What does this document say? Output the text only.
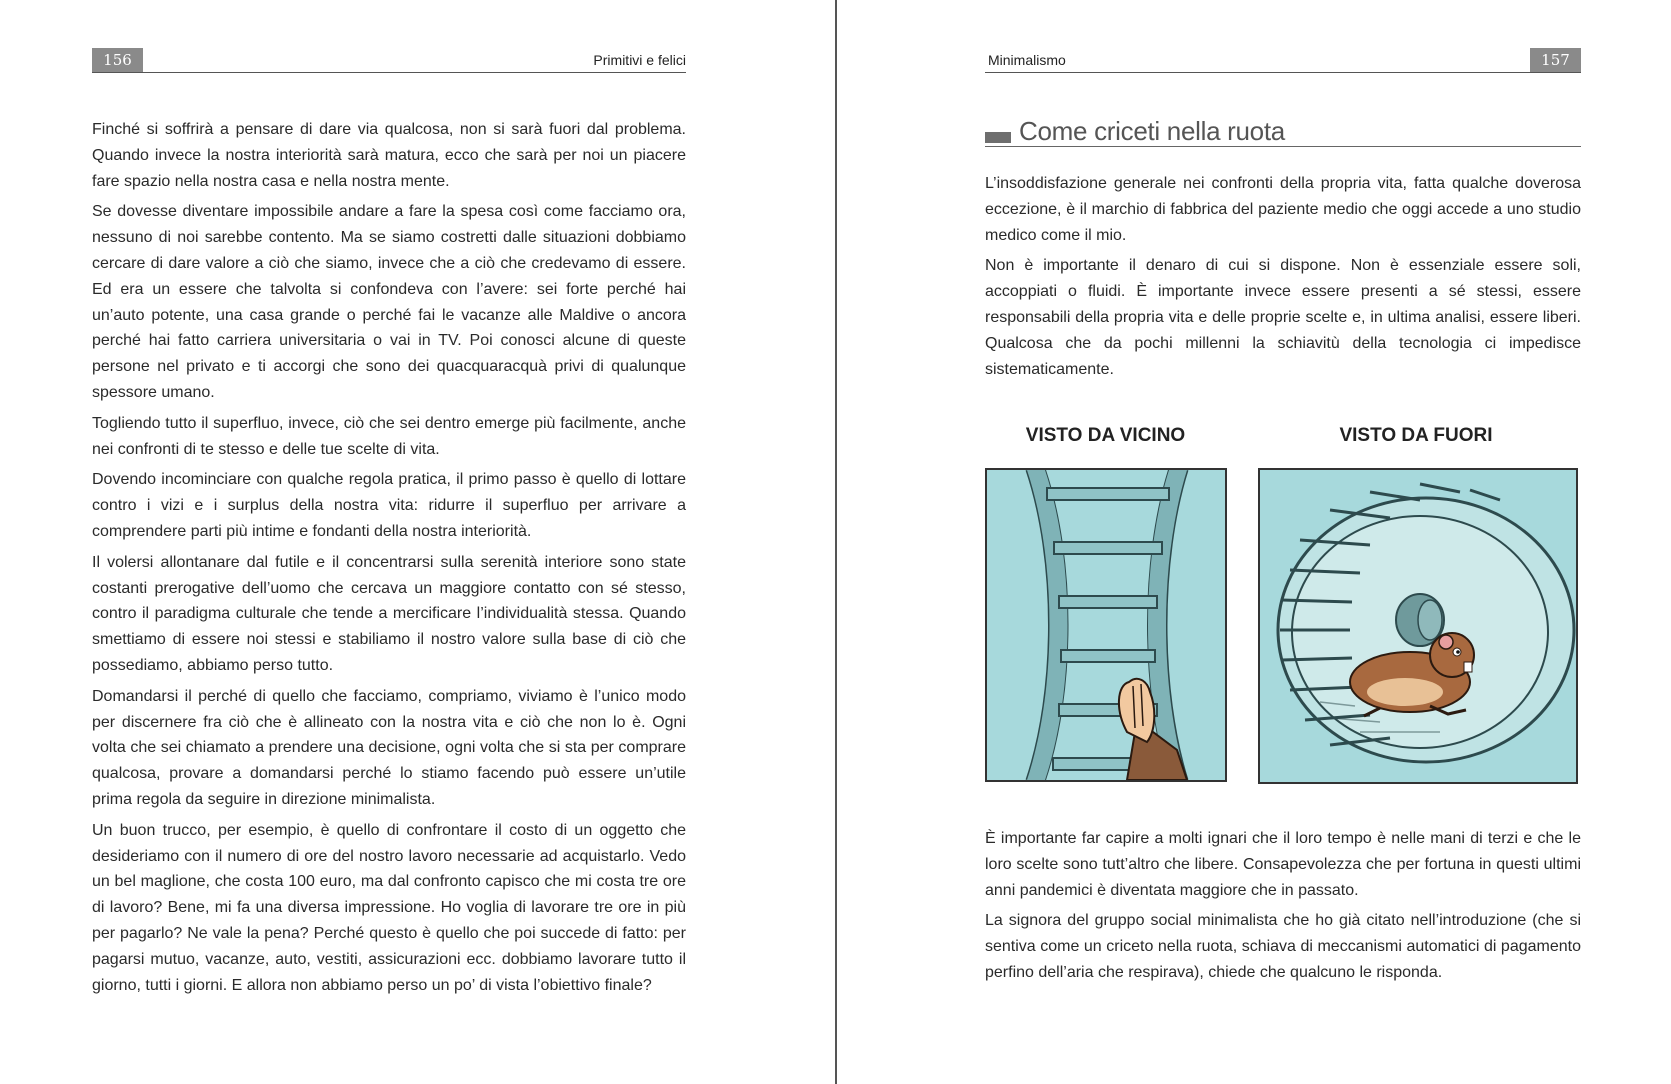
156	Primitivi e felici

Finché si soffrirà a pensare di dare via qualcosa, non si sarà fuori dal problema. Quando invece la nostra interiorità sarà matura, ecco che sarà per noi un piacere fare spazio nella nostra casa e nella nostra mente.

Se dovesse diventare impossibile andare a fare la spesa così come facciamo ora, nessuno di noi sarebbe contento. Ma se siamo costretti dalle situazioni dobbiamo cercare di dare valore a ciò che siamo, invece che a ciò che credevamo di essere. Ed era un essere che talvolta si confondeva con l’avere: sei forte perché hai un’auto potente, una casa grande o perché fai le vacanze alle Maldive o ancora perché hai fatto carriera universitaria o vai in TV. Poi conosci alcune di queste persone nel privato e ti accorgi che sono dei quacquaracquà privi di qualunque spessore umano.

Togliendo tutto il superfluo, invece, ciò che sei dentro emerge più facilmente, anche nei confronti di te stesso e delle tue scelte di vita.

Dovendo incominciare con qualche regola pratica, il primo passo è quello di lottare contro i vizi e i surplus della nostra vita: ridurre il superfluo per arrivare a comprendere parti più intime e fondanti della nostra interiorità.

Il volersi allontanare dal futile e il concentrarsi sulla serenità interiore sono state costanti prerogative dell’uomo che cercava un maggiore contatto con sé stesso, contro il paradigma culturale che tende a mercificare l’individualità stessa. Quando smettiamo di essere noi stessi e stabiliamo il nostro valore sulla base di ciò che possediamo, abbiamo perso tutto.

Domandarsi il perché di quello che facciamo, compriamo, viviamo è l’unico modo per discernere fra ciò che è allineato con la nostra vita e ciò che non lo è. Ogni volta che sei chiamato a prendere una decisione, ogni volta che si sta per comprare qualcosa, provare a domandarsi perché lo stiamo facendo può essere un’utile prima regola da seguire in direzione minimalista.

Un buon trucco, per esempio, è quello di confrontare il costo di un oggetto che desideriamo con il numero di ore del nostro lavoro necessarie ad acquistarlo. Vedo un bel maglione, che costa 100 euro, ma dal confronto capisco che mi costa tre ore di lavoro? Bene, mi fa una diversa impressione. Ho voglia di lavorare tre ore in più per pagarlo? Ne vale la pena? Perché questo è quello che poi succede di fatto: per pagarsi mutuo, vacanze, auto, vestiti, assicurazioni ecc. dobbiamo lavorare tutto il giorno, tutti i giorni. E allora non abbiamo perso un po’ di vista l’obiettivo finale?

Minimalismo	157
Come criceti nella ruota

L’insoddisfazione generale nei confronti della propria vita, fatta qualche doverosa eccezione, è il marchio di fabbrica del paziente medio che oggi accede a uno studio medico come il mio.

Non è importante il denaro di cui si dispone. Non è essenziale essere soli, accoppiati o fluidi. È importante invece essere presenti a sé stessi, essere responsabili della propria vita e delle proprie scelte e, in ultima analisi, essere liberi. Qualcosa che da pochi millenni la schiavitù della tecnologia ci impedisce sistematicamente.

VISTO DA VICINO	VISTO DA FUORI

È importante far capire a molti ignari che il loro tempo è nelle mani di terzi e che le loro scelte sono tutt’altro che libere. Consapevolezza che per fortuna in questi ultimi anni pandemici è diventata maggiore che in passato.

La signora del gruppo social minimalista che ho già citato nell’introduzione (che si sentiva come un criceto nella ruota, schiava di meccanismi automatici di pagamento perfino dell’aria che respirava), chiede che qualcuno le risponda.
